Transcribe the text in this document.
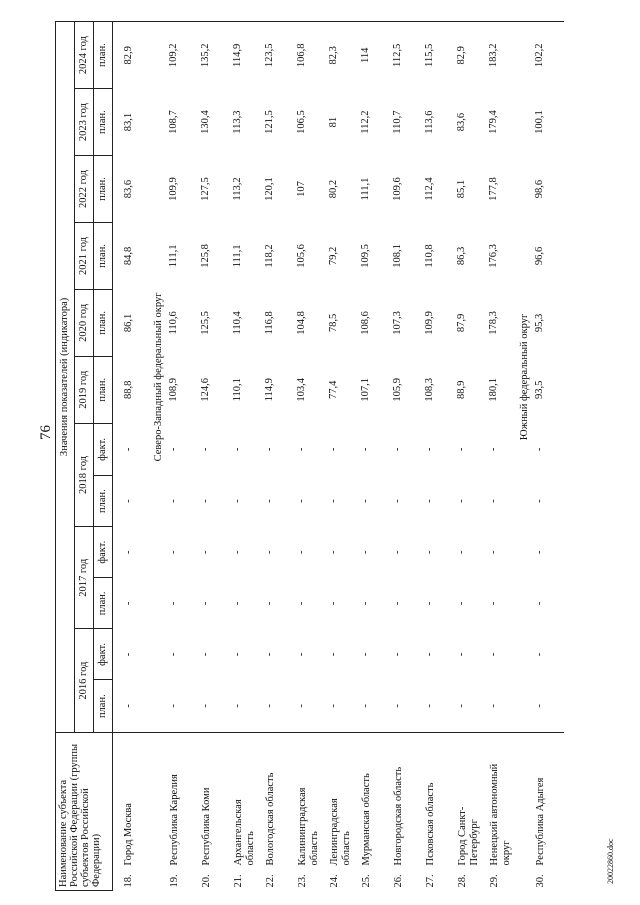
76
20022860.doc
Наименование субъекта Российской Федерации (группы субъектов Российской Федерации)	Значения показателей (индикатора)											
	2016 год		2017 год		2018 год		2019 год	2020 год	2021 год	2022 год	2023 год	2024 год
	план.	факт.	план.	факт.	план.	факт.	план.	план.	план.	план.	план.	план.
18.Город Москва	-	-	-	-	-	-	88,8	86,1	84,8	83,6	83,1	82,9
	Северо-Западный федеральный округ											
19.Республика Карелия	-	-	-	-	-	-	108,9	110,6	111,1	109,9	108,7	109,2
20.Республика Коми	-	-	-	-	-	-	124,6	125,5	125,8	127,5	130,4	135,2
21.Архангельская область	-	-	-	-	-	-	110,1	110,4	111,1	113,2	113,3	114,9
22.Вологодская область	-	-	-	-	-	-	114,9	116,8	118,2	120,1	121,5	123,5
23.Калининградская область	-	-	-	-	-	-	103,4	104,8	105,6	107	106,5	106,8
24.Ленинградская область	-	-	-	-	-	-	77,4	78,5	79,2	80,2	81	82,3
25.Мурманская область	-	-	-	-	-	-	107,1	108,6	109,5	111,1	112,2	114
26.Новгородская область	-	-	-	-	-	-	105,9	107,3	108,1	109,6	110,7	112,5
27.Псковская область	-	-	-	-	-	-	108,3	109,9	110,8	112,4	113,6	115,5
28.Город Санкт-Петербург	-	-	-	-	-	-	88,9	87,9	86,3	85,1	83,6	82,9
29.Ненецкий автономный округ	-	-	-	-	-	-	180,1	178,3	176,3	177,8	179,4	183,2
	Южный федеральный округ											
30.Республика Адыгея	-	-	-	-	-	-	93,5	95,3	96,6	98,6	100,1	102,2
